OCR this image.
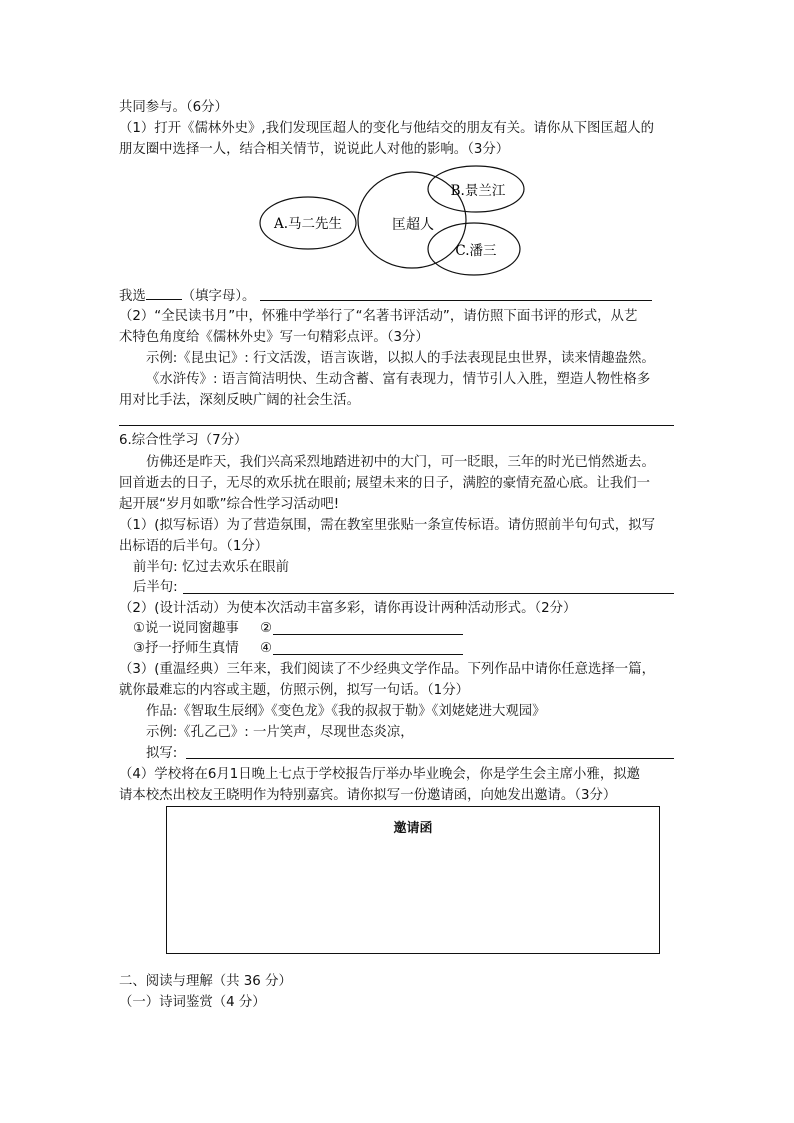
共同参与。（6分）
（1）打开《儒林外史》,我们发现匡超人的变化与他结交的朋友有关。请你从下图匡超人的
朋友圈中选择一人，结合相关情节，说说此人对他的影响。（3分）
匡超人
A.马二先生
B.景兰江
C.潘三
我选	（填字母）。
（2）“全民读书月”中，怀雅中学举行了“名著书评活动”，请仿照下面书评的形式，从艺
术特色角度给《儒林外史》写一句精彩点评。（3分）
示例:《昆虫记》: 行文活泼，语言诙谐，以拟人的手法表现昆虫世界，读来情趣盎然。
《水浒传》: 语言简洁明快、生动含蓄、富有表现力，情节引人入胜，塑造人物性格多
用对比手法，深刻反映广阔的社会生活。
6.综合性学习（7分）
仿佛还是昨天，我们兴高采烈地踏进初中的大门，可一眨眼，三年的时光已悄然逝去。
回首逝去的日子，无尽的欢乐扰在眼前; 展望未来的日子，满腔的豪情充盈心底。让我们一
起开展“岁月如歌”综合性学习活动吧!
（1）(拟写标语）为了营造氛围，需在教室里张贴一条宣传标语。请仿照前半句句式，拟写
出标语的后半句。（1分）
前半句: 忆过去欢乐在眼前
后半句:
（2）(设计活动）为使本次活动丰富多彩，请你再设计两种活动形式。（2分）
①说一说同窗趣事 ②
③抒一抒师生真情 ④
（3）(重温经典）三年来，我们阅读了不少经典文学作品。下列作品中请你任意选择一篇，
就你最难忘的内容或主题，仿照示例，拟写一句话。（1分）
作品:《智取生辰纲》《变色龙》《我的叔叔于勒》《刘姥姥进大观园》
示例:《孔乙己》: 一片笑声，尽现世态炎凉，
拟写:
（4）学校将在6月1日晚上七点于学校报告厅举办毕业晚会，你是学生会主席小雅，拟邀
请本校杰出校友王晓明作为特别嘉宾。请你拟写一份邀请函，向她发出邀请。（3分）
邀请函
二、阅读与理解（共 36 分）
（一）诗词鉴赏（4 分）
